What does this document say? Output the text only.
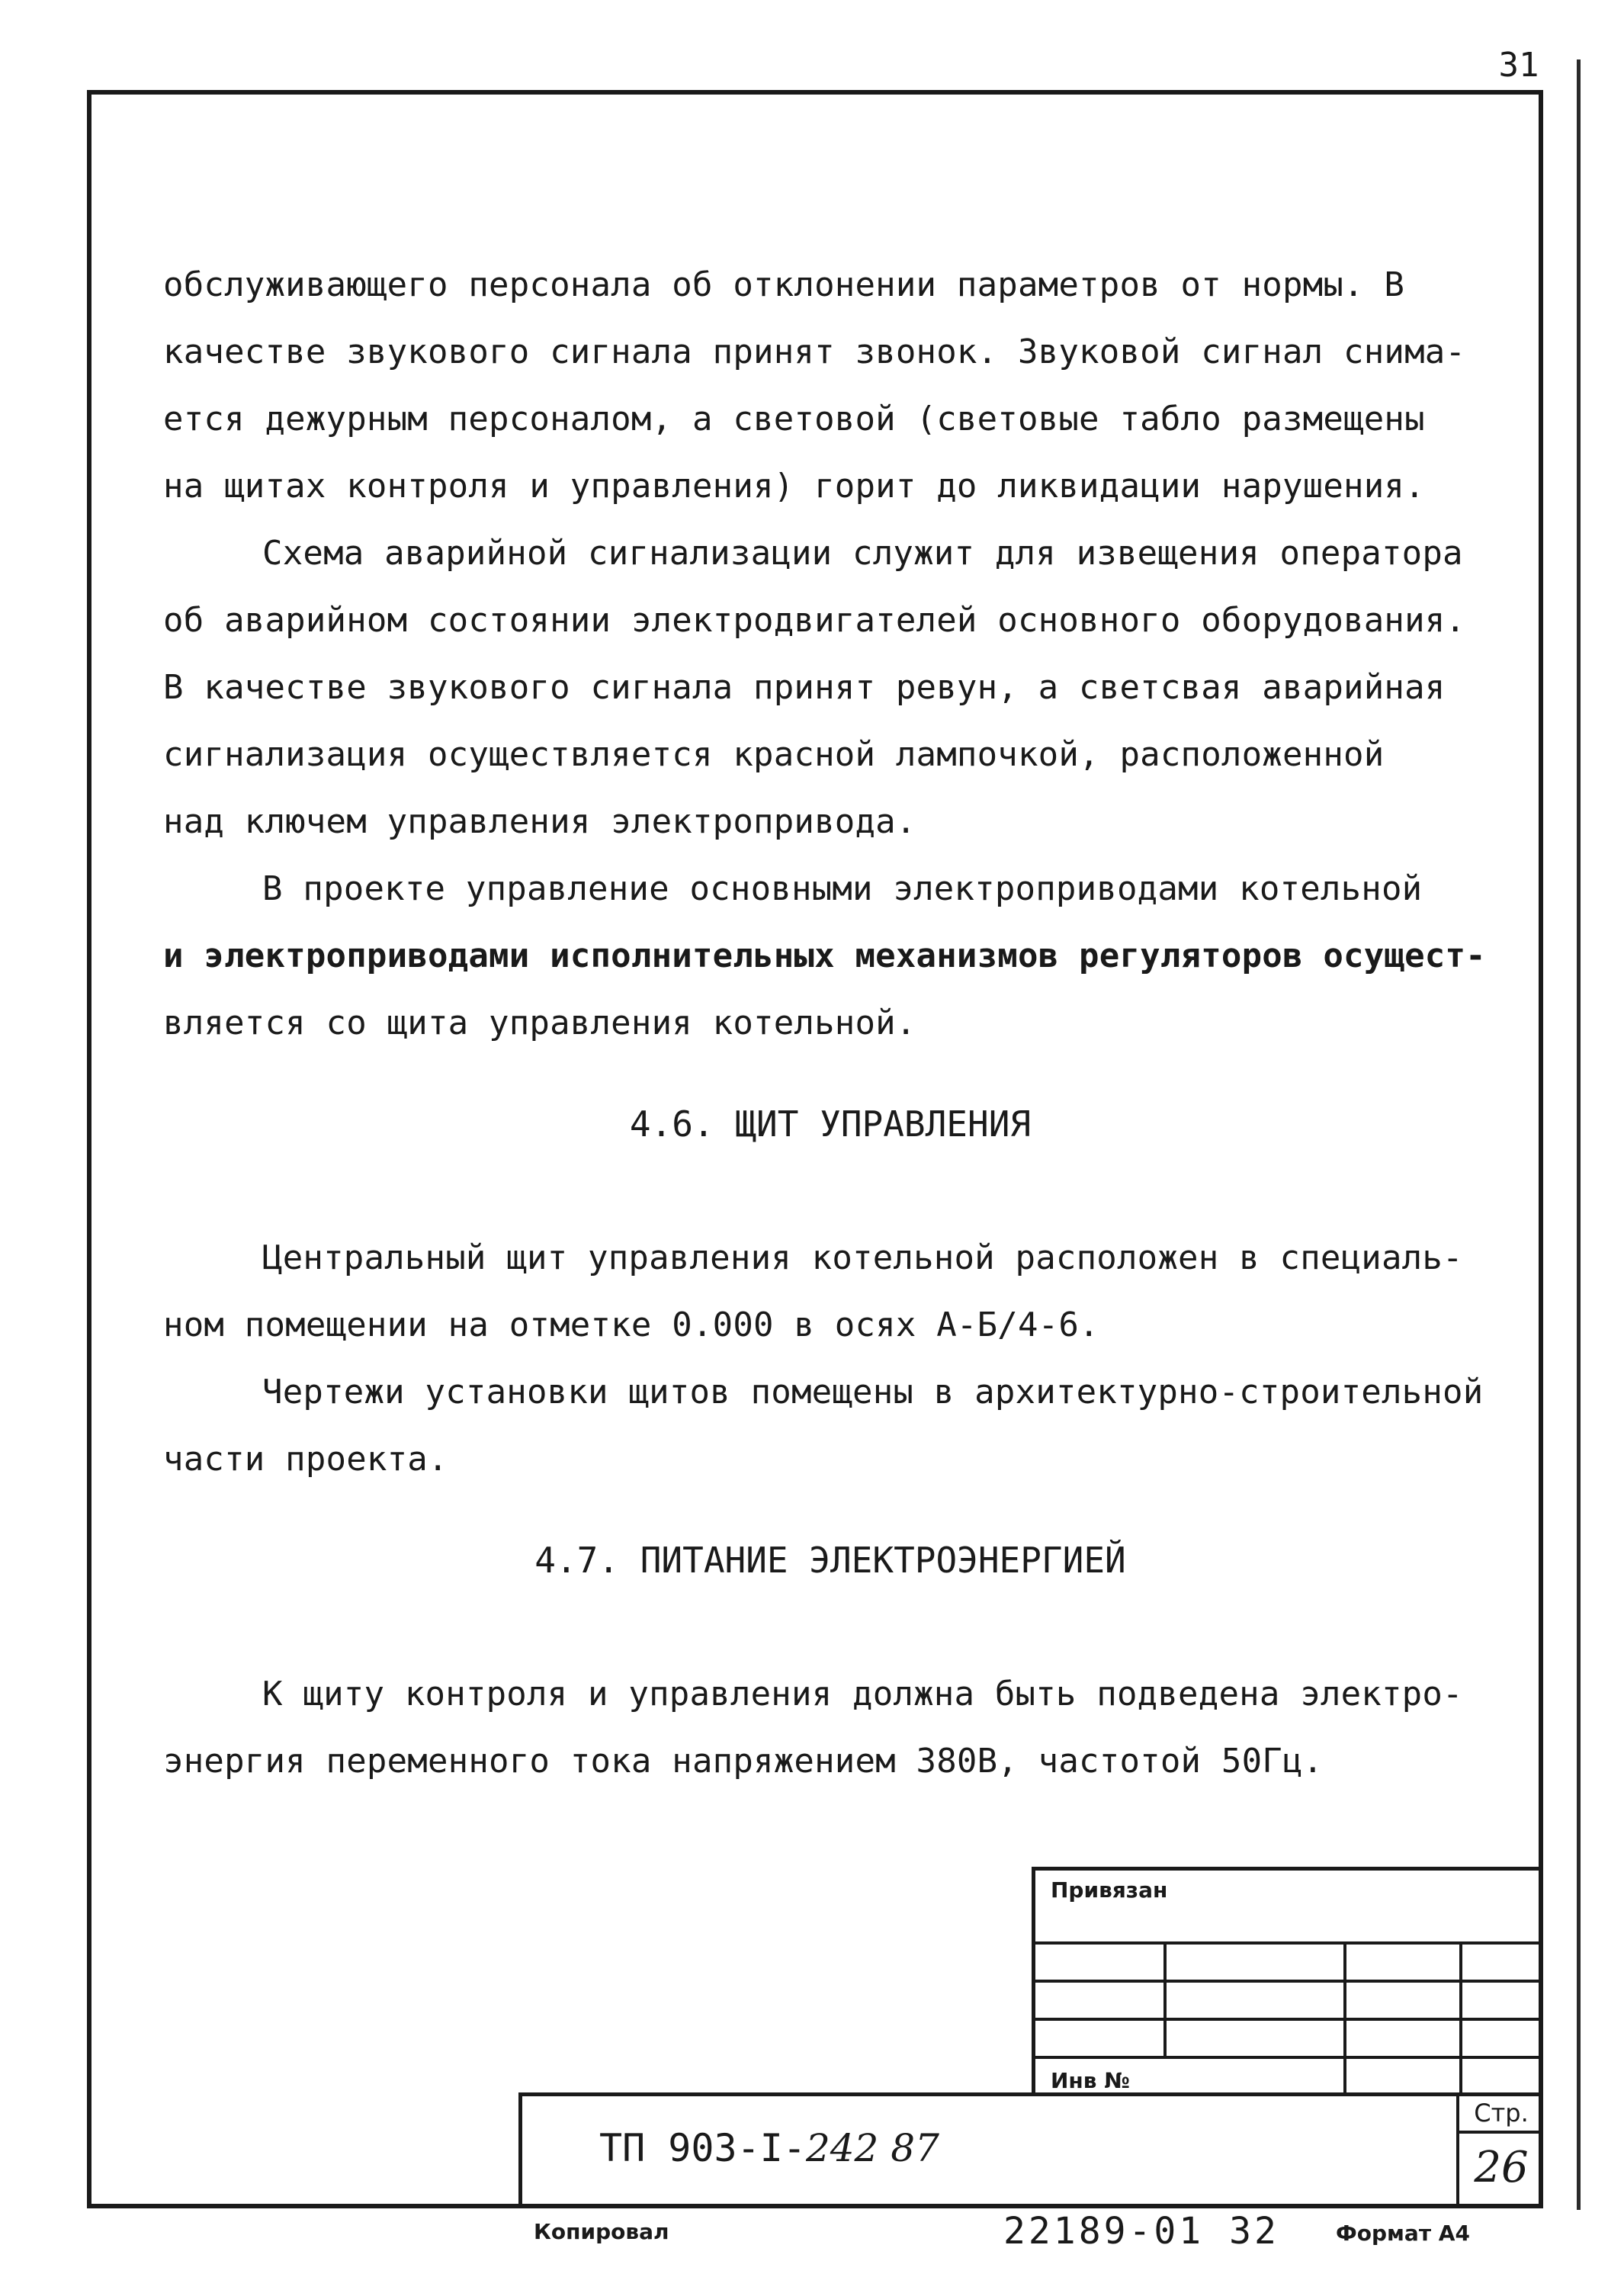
31
обслуживающего персонала об отклонении параметров от нормы. В
качестве звукового сигнала принят звонок. Звуковой сигнал снима-
ется дежурным персоналом, а световой (световые табло размещены
на щитах контроля и управления) горит до ликвидации нарушения.
Схема аварийной сигнализации служит для извещения оператора
об аварийном состоянии электродвигателей основного оборудования.
В качестве звукового сигнала принят ревун, а светсвая аварийная
сигнализация осуществляется красной лампочкой, расположенной
над ключем управления электропривода.
В проекте управление основными электроприводами котельной
и электроприводами исполнительных механизмов регуляторов осущест-
вляется со щита управления котельной.
4.6. ЩИТ УПРАВЛЕНИЯ
Центральный щит управления котельной расположен в специаль-
ном помещении на отметке 0.000 в осях А-Б/4-6.
Чертежи установки щитов помещены в архитектурно-строительной
части проекта.
4.7. ПИТАНИЕ ЭЛЕКТРОЭНЕРГИЕЙ
К щиту контроля и управления должна быть подведена электро-
энергия переменного тока напряжением 380В, частотой 50Гц.
Привязан
Инв №
ТП 903-I-242 87
Стр.
26
Копировал	22189-01 32	Формат А4
